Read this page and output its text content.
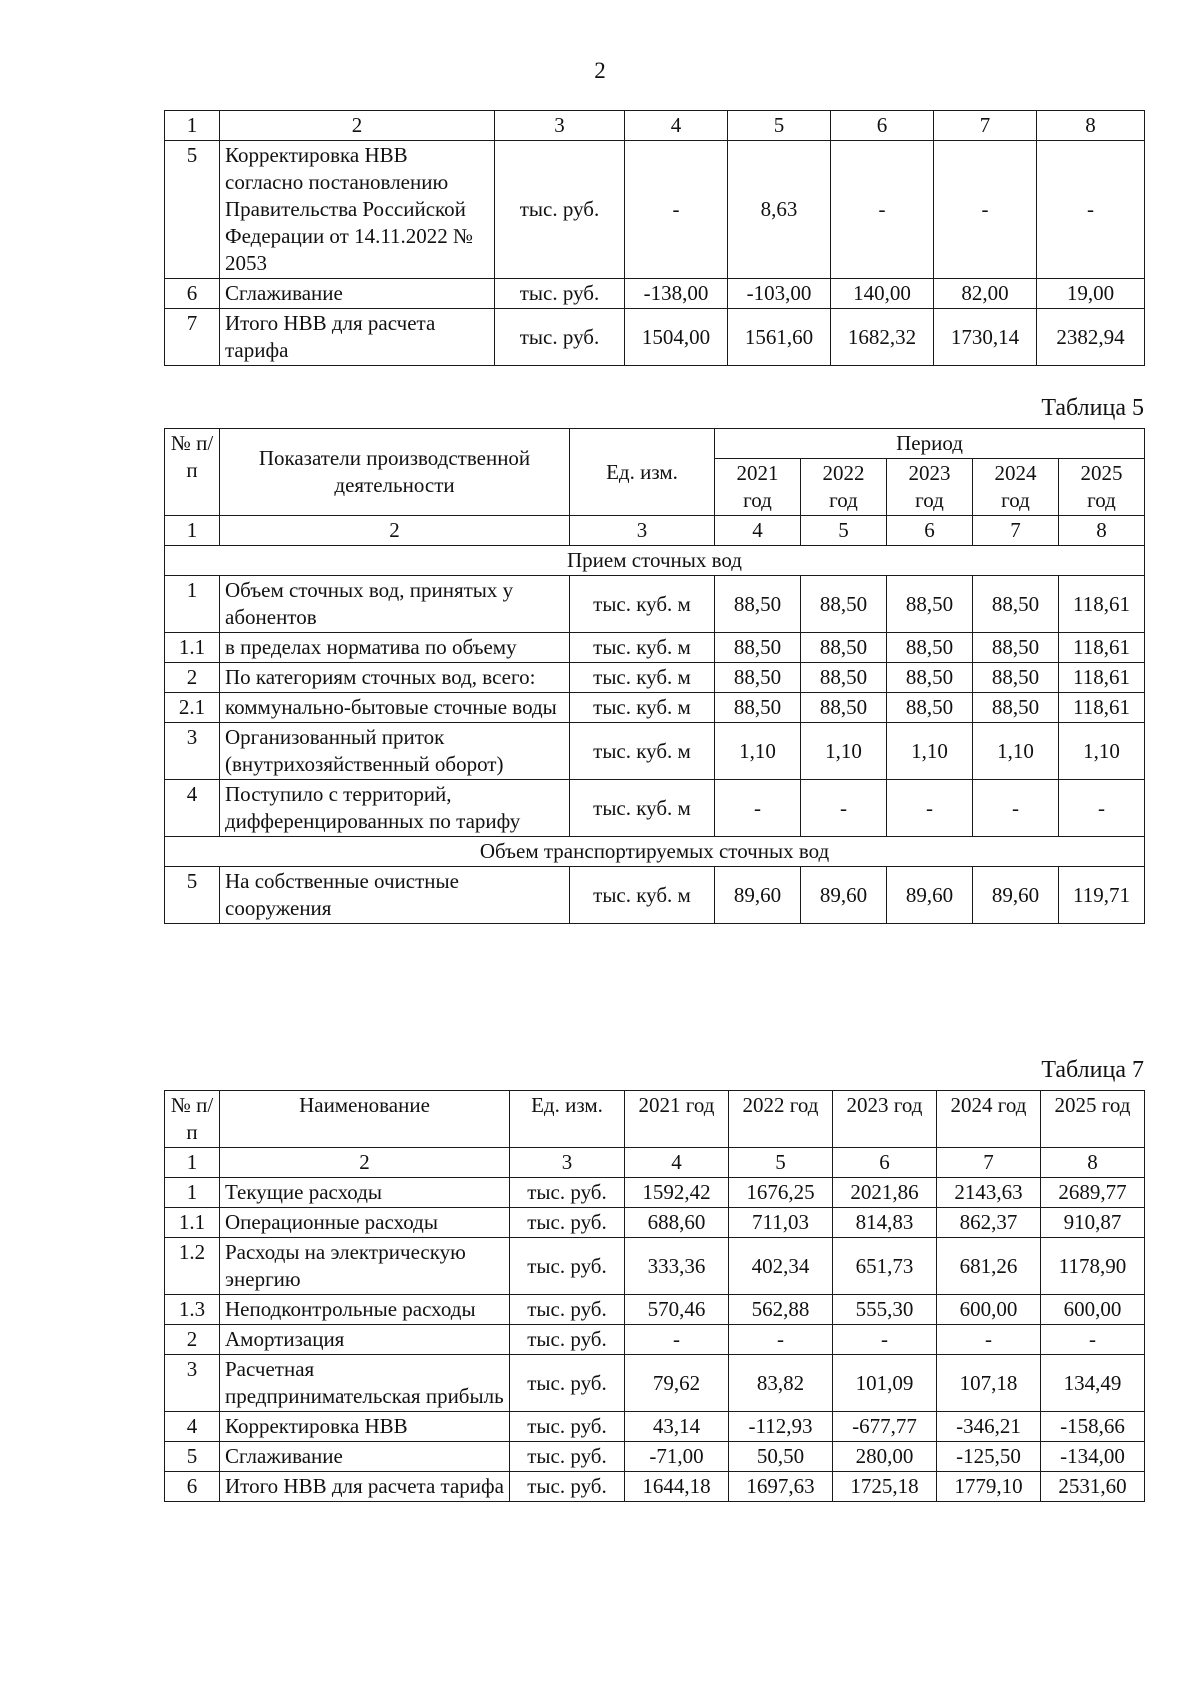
2
1	2	3	4	5	6	7	8
5	Корректировка НВВ согласно постановлению Правительства Российской Федерации от 14.11.2022 № 2053	тыс. руб.	-	8,63	-	-	-
6	Сглаживание	тыс. руб.	-138,00	-103,00	140,00	82,00	19,00
7	Итого НВВ для расчета тарифа	тыс. руб.	1504,00	1561,60	1682,32	1730,14	2382,94
Таблица 5
№ п/п	Показатели производственной деятельности	Ед. изм.	Период				
			2021 год	2022 год	2023 год	2024 год	2025 год
1	2	3	4	5	6	7	8
Прием сточных вод							
1	Объем сточных вод, принятых у абонентов	тыс. куб. м	88,50	88,50	88,50	88,50	118,61
1.1	в пределах норматива по объему	тыс. куб. м	88,50	88,50	88,50	88,50	118,61
2	По категориям сточных вод, всего:	тыс. куб. м	88,50	88,50	88,50	88,50	118,61
2.1	коммунально-бытовые сточные воды	тыс. куб. м	88,50	88,50	88,50	88,50	118,61
3	Организованный приток (внутрихозяйственный оборот)	тыс. куб. м	1,10	1,10	1,10	1,10	1,10
4	Поступило с территорий, дифференцированных по тарифу	тыс. куб. м	-	-	-	-	-
Объем транспортируемых сточных вод							
5	На собственные очистные сооружения	тыс. куб. м	89,60	89,60	89,60	89,60	119,71
Таблица 7
№ п/п	Наименование	Ед. изм.	2021 год	2022 год	2023 год	2024 год	2025 год
1	2	3	4	5	6	7	8
1	Текущие расходы	тыс. руб.	1592,42	1676,25	2021,86	2143,63	2689,77
1.1	Операционные расходы	тыс. руб.	688,60	711,03	814,83	862,37	910,87
1.2	Расходы на электрическую энергию	тыс. руб.	333,36	402,34	651,73	681,26	1178,90
1.3	Неподконтрольные расходы	тыс. руб.	570,46	562,88	555,30	600,00	600,00
2	Амортизация	тыс. руб.	-	-	-	-	-
3	Расчетная предпринимательская прибыль	тыс. руб.	79,62	83,82	101,09	107,18	134,49
4	Корректировка НВВ	тыс. руб.	43,14	-112,93	-677,77	-346,21	-158,66
5	Сглаживание	тыс. руб.	-71,00	50,50	280,00	-125,50	-134,00
6	Итого НВВ для расчета тарифа	тыс. руб.	1644,18	1697,63	1725,18	1779,10	2531,60
